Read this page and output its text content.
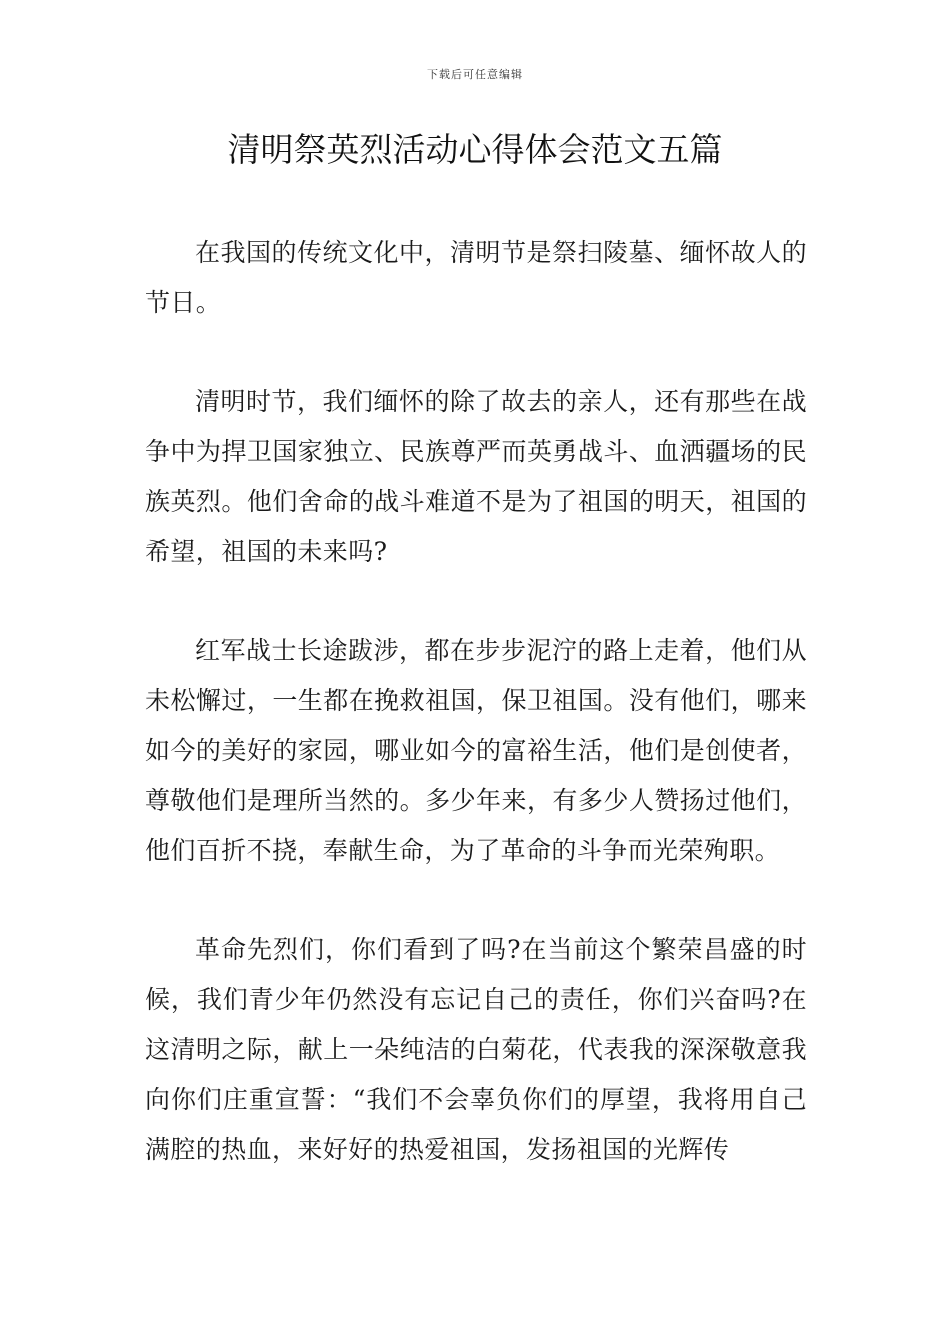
下载后可任意编辑
清明祭英烈活动心得体会范文五篇

在我国的传统文化中，清明节是祭扫陵墓、缅怀故人的节日。

清明时节，我们缅怀的除了故去的亲人，还有那些在战争中为捍卫国家独立、民族尊严而英勇战斗、血洒疆场的民族英烈。他们舍命的战斗难道不是为了祖国的明天，祖国的希望，祖国的未来吗?

红军战士长途跋涉，都在步步泥泞的路上走着，他们从未松懈过，一生都在挽救祖国，保卫祖国。没有他们，哪来如今的美好的家园，哪业如今的富裕生活，他们是创使者，尊敬他们是理所当然的。多少年来，有多少人赞扬过他们，他们百折不挠，奉献生命，为了革命的斗争而光荣殉职。

革命先烈们，你们看到了吗?在当前这个繁荣昌盛的时候，我们青少年仍然没有忘记自己的责任，你们兴奋吗?在这清明之际，献上一朵纯洁的白菊花，代表我的深深敬意我向你们庄重宣誓：“我们不会辜负你们的厚望，我将用自己满腔的热血，来好好的热爱祖国，发扬祖国的光辉传
